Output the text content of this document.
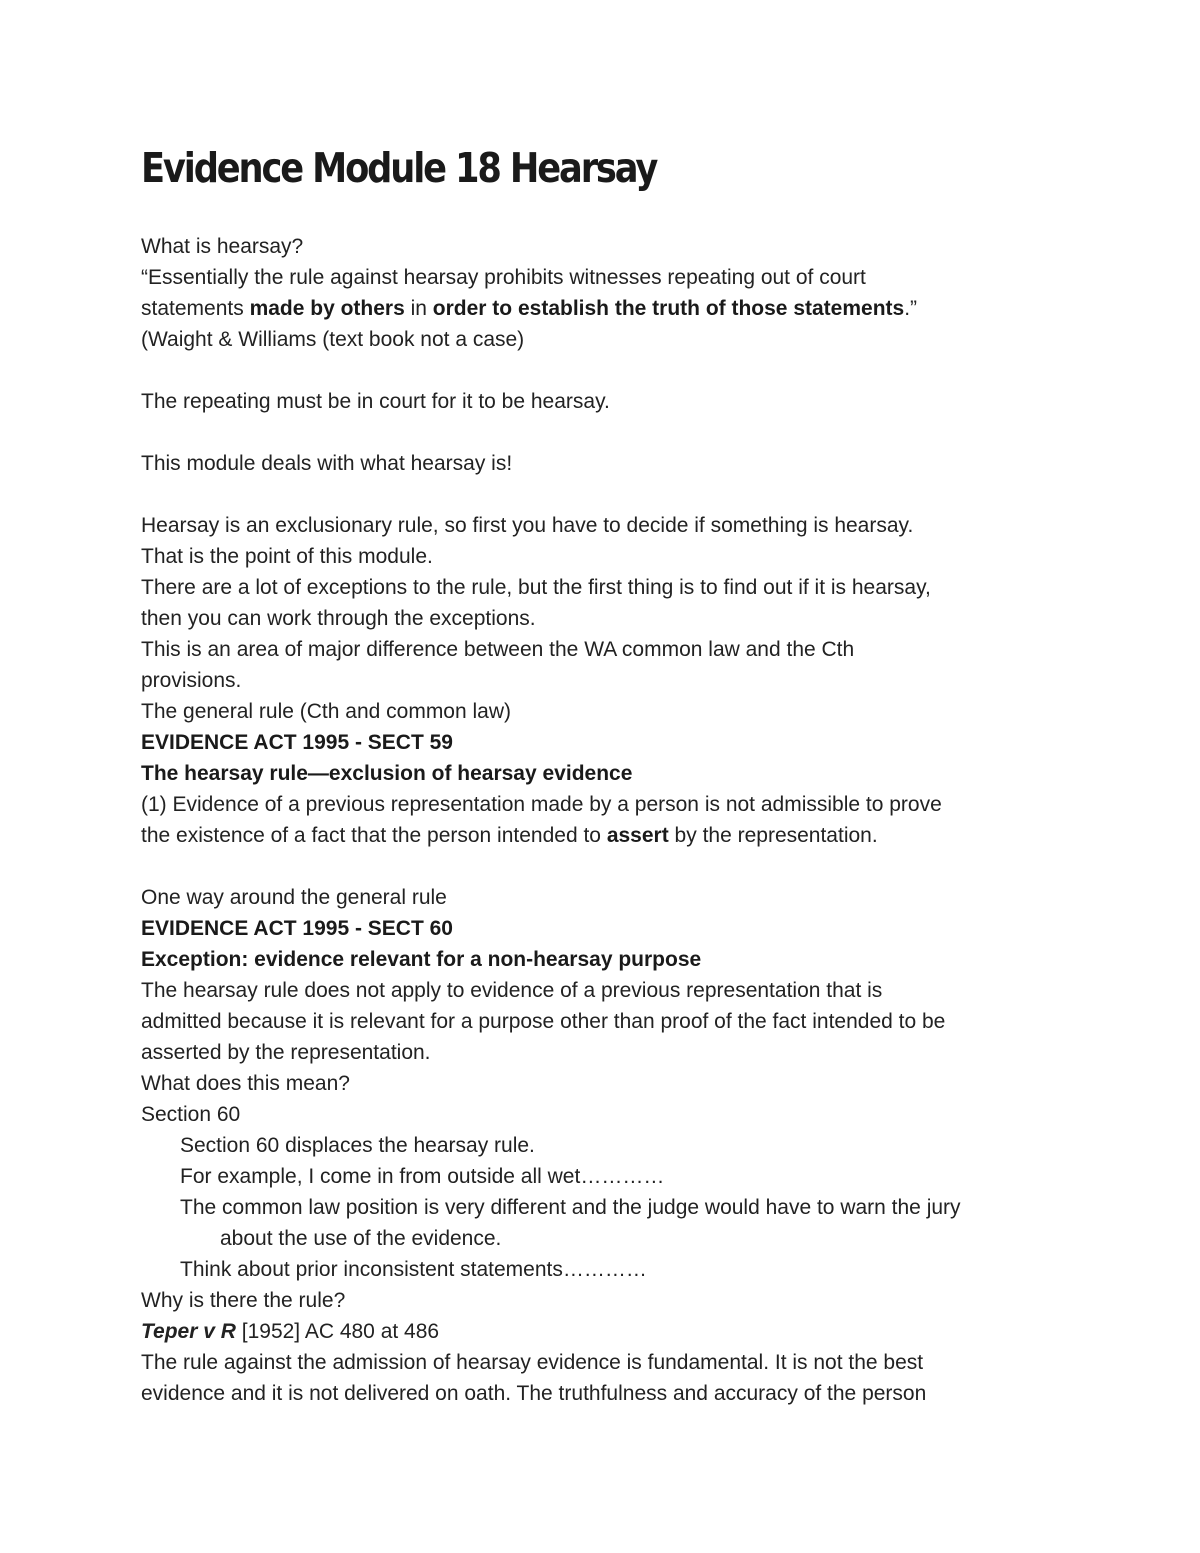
Evidence Module 18 Hearsay
What is hearsay?
“Essentially the rule against hearsay prohibits witnesses repeating out of court
statements made by others in order to establish the truth of those statements.”
(Waight & Williams (text book not a case)
The repeating must be in court for it to be hearsay.
This module deals with what hearsay is!
Hearsay is an exclusionary rule, so first you have to decide if something is hearsay.
That is the point of this module.
There are a lot of exceptions to the rule, but the first thing is to find out if it is hearsay,
then you can work through the exceptions.
This is an area of major difference between the WA common law and the Cth
provisions.
The general rule (Cth and common law)
EVIDENCE ACT 1995 - SECT 59
The hearsay rule—exclusion of hearsay evidence
(1) Evidence of a previous representation made by a person is not admissible to prove
the existence of a fact that the person intended to assert by the representation.
One way around the general rule
EVIDENCE ACT 1995 - SECT 60
Exception: evidence relevant for a non-hearsay purpose
The hearsay rule does not apply to evidence of a previous representation that is
admitted because it is relevant for a purpose other than proof of the fact intended to be
asserted by the representation.
What does this mean?
Section 60
Section 60 displaces the hearsay rule.
For example, I come in from outside all wet…………
The common law position is very different and the judge would have to warn the jury
about the use of the evidence.
Think about prior inconsistent statements…………
Why is there the rule?
Teper v R [1952] AC 480 at 486
The rule against the admission of hearsay evidence is fundamental. It is not the best
evidence and it is not delivered on oath. The truthfulness and accuracy of the person
